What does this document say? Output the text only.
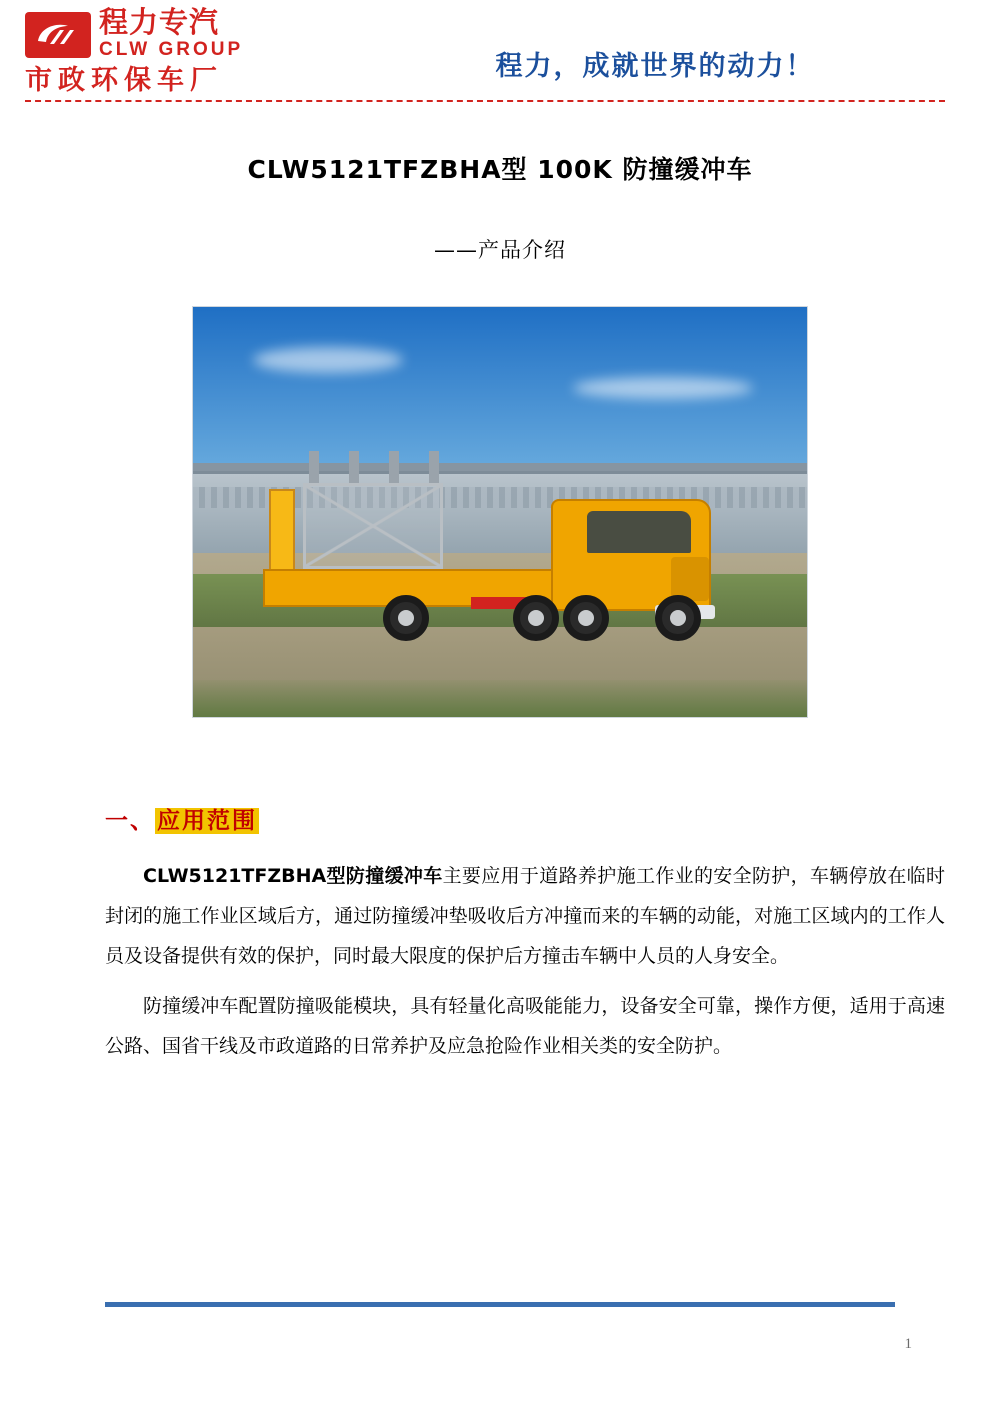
程力专汽
CLW GROUP
市政环保车厂	程力，成就世界的动力！
CLW5121TFZBHA型 100K 防撞缓冲车
——产品介绍
一、应用范围

CLW5121TFZBHA型防撞缓冲车主要应用于道路养护施工作业的安全防护，车辆停放在临时封闭的施工作业区域后方，通过防撞缓冲垫吸收后方冲撞而来的车辆的动能，对施工区域内的工作人员及设备提供有效的保护，同时最大限度的保护后方撞击车辆中人员的人身安全。

防撞缓冲车配置防撞吸能模块，具有轻量化高吸能能力，设备安全可靠，操作方便，适用于高速公路、国省干线及市政道路的日常养护及应急抢险作业相关类的安全防护。

1
